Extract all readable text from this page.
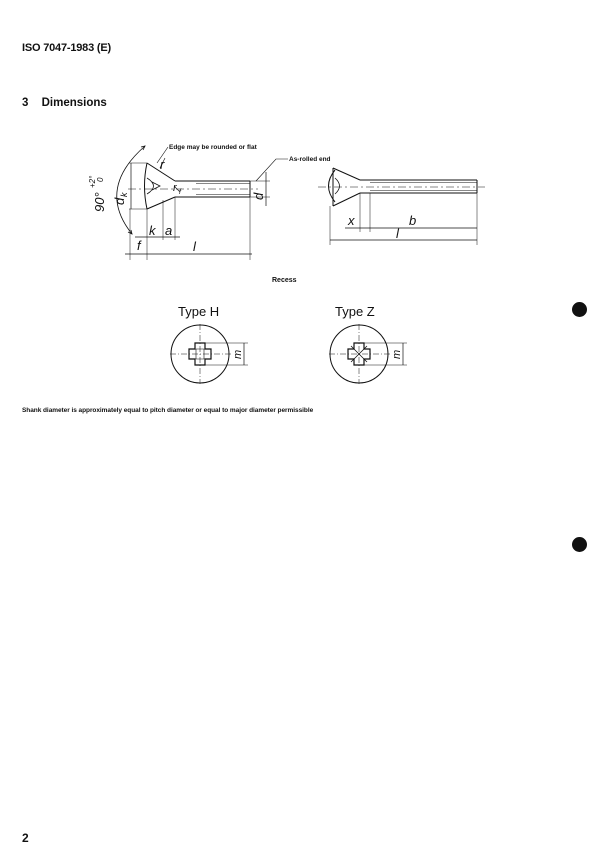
ISO 7047-1983 (E)
3 Dimensions
Edge may be rounded or flat
As-rolled end
90°
+2° 0
d
k	d
r
r f
k a
f	l
x	b
l
Recess
Type H	Type Z
m	m
Shank diameter is approximately equal to pitch diameter or equal to major diameter permissible
2
